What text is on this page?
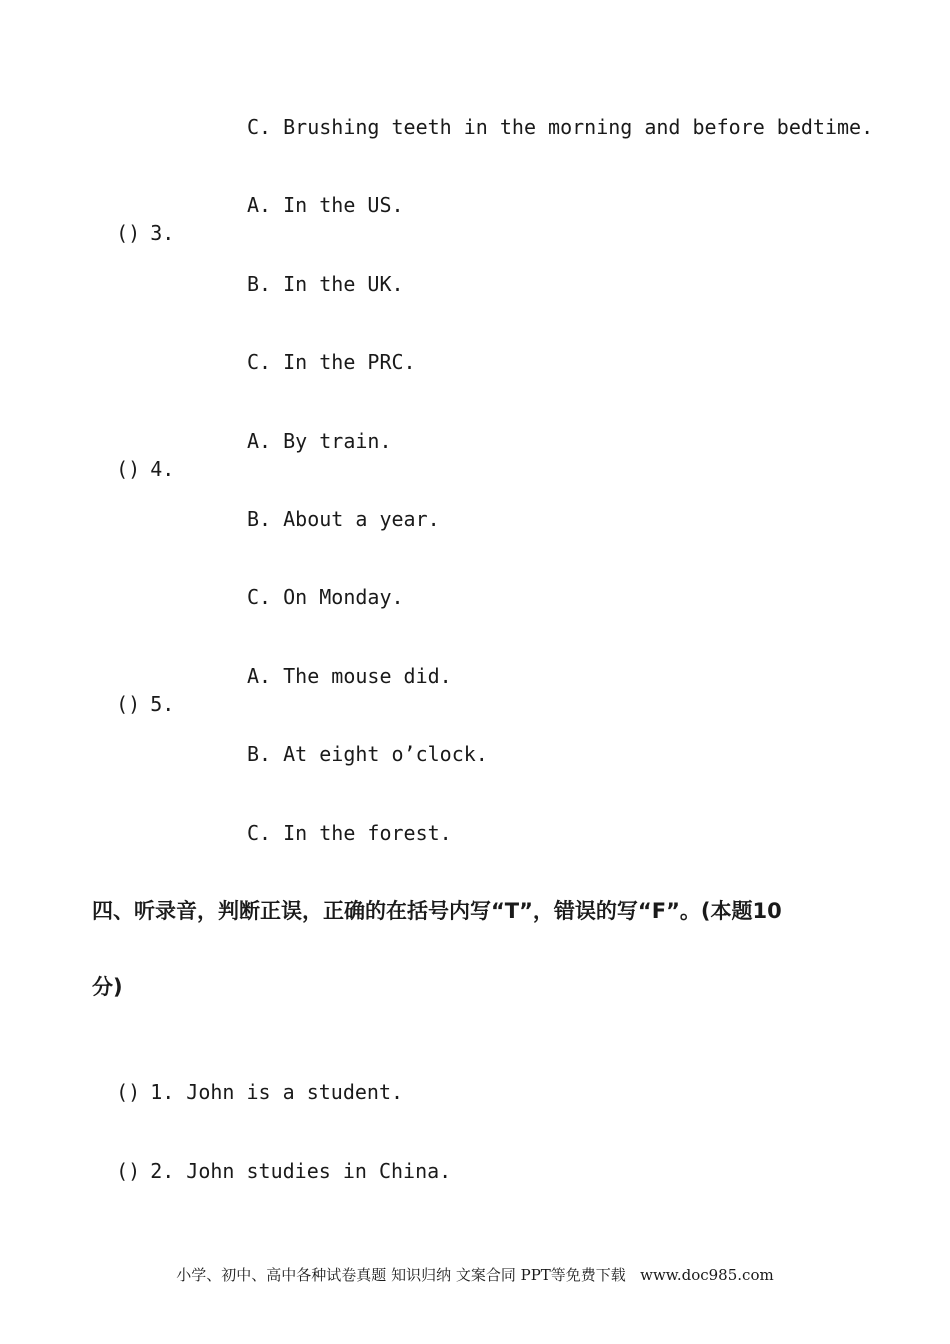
C. Brushing teeth in the morning and before bedtime.

() 3.

A. In the US.
B. In the UK.
C. In the PRC.

() 4.

A. By train.
B. About a year.
C. On Monday.

() 5.

A. The mouse did.
B. At eight o’clock.
C. In the forest.
四、听录音，判断正误，正确的在括号内写“T”，错误的写“F”。(本题10
分)

() 1. John is a student.

() 2. John studies in China.

小学、初中、高中各种试卷真题 知识归纳 文案合同 PPT等免费下载   www.doc985.com
